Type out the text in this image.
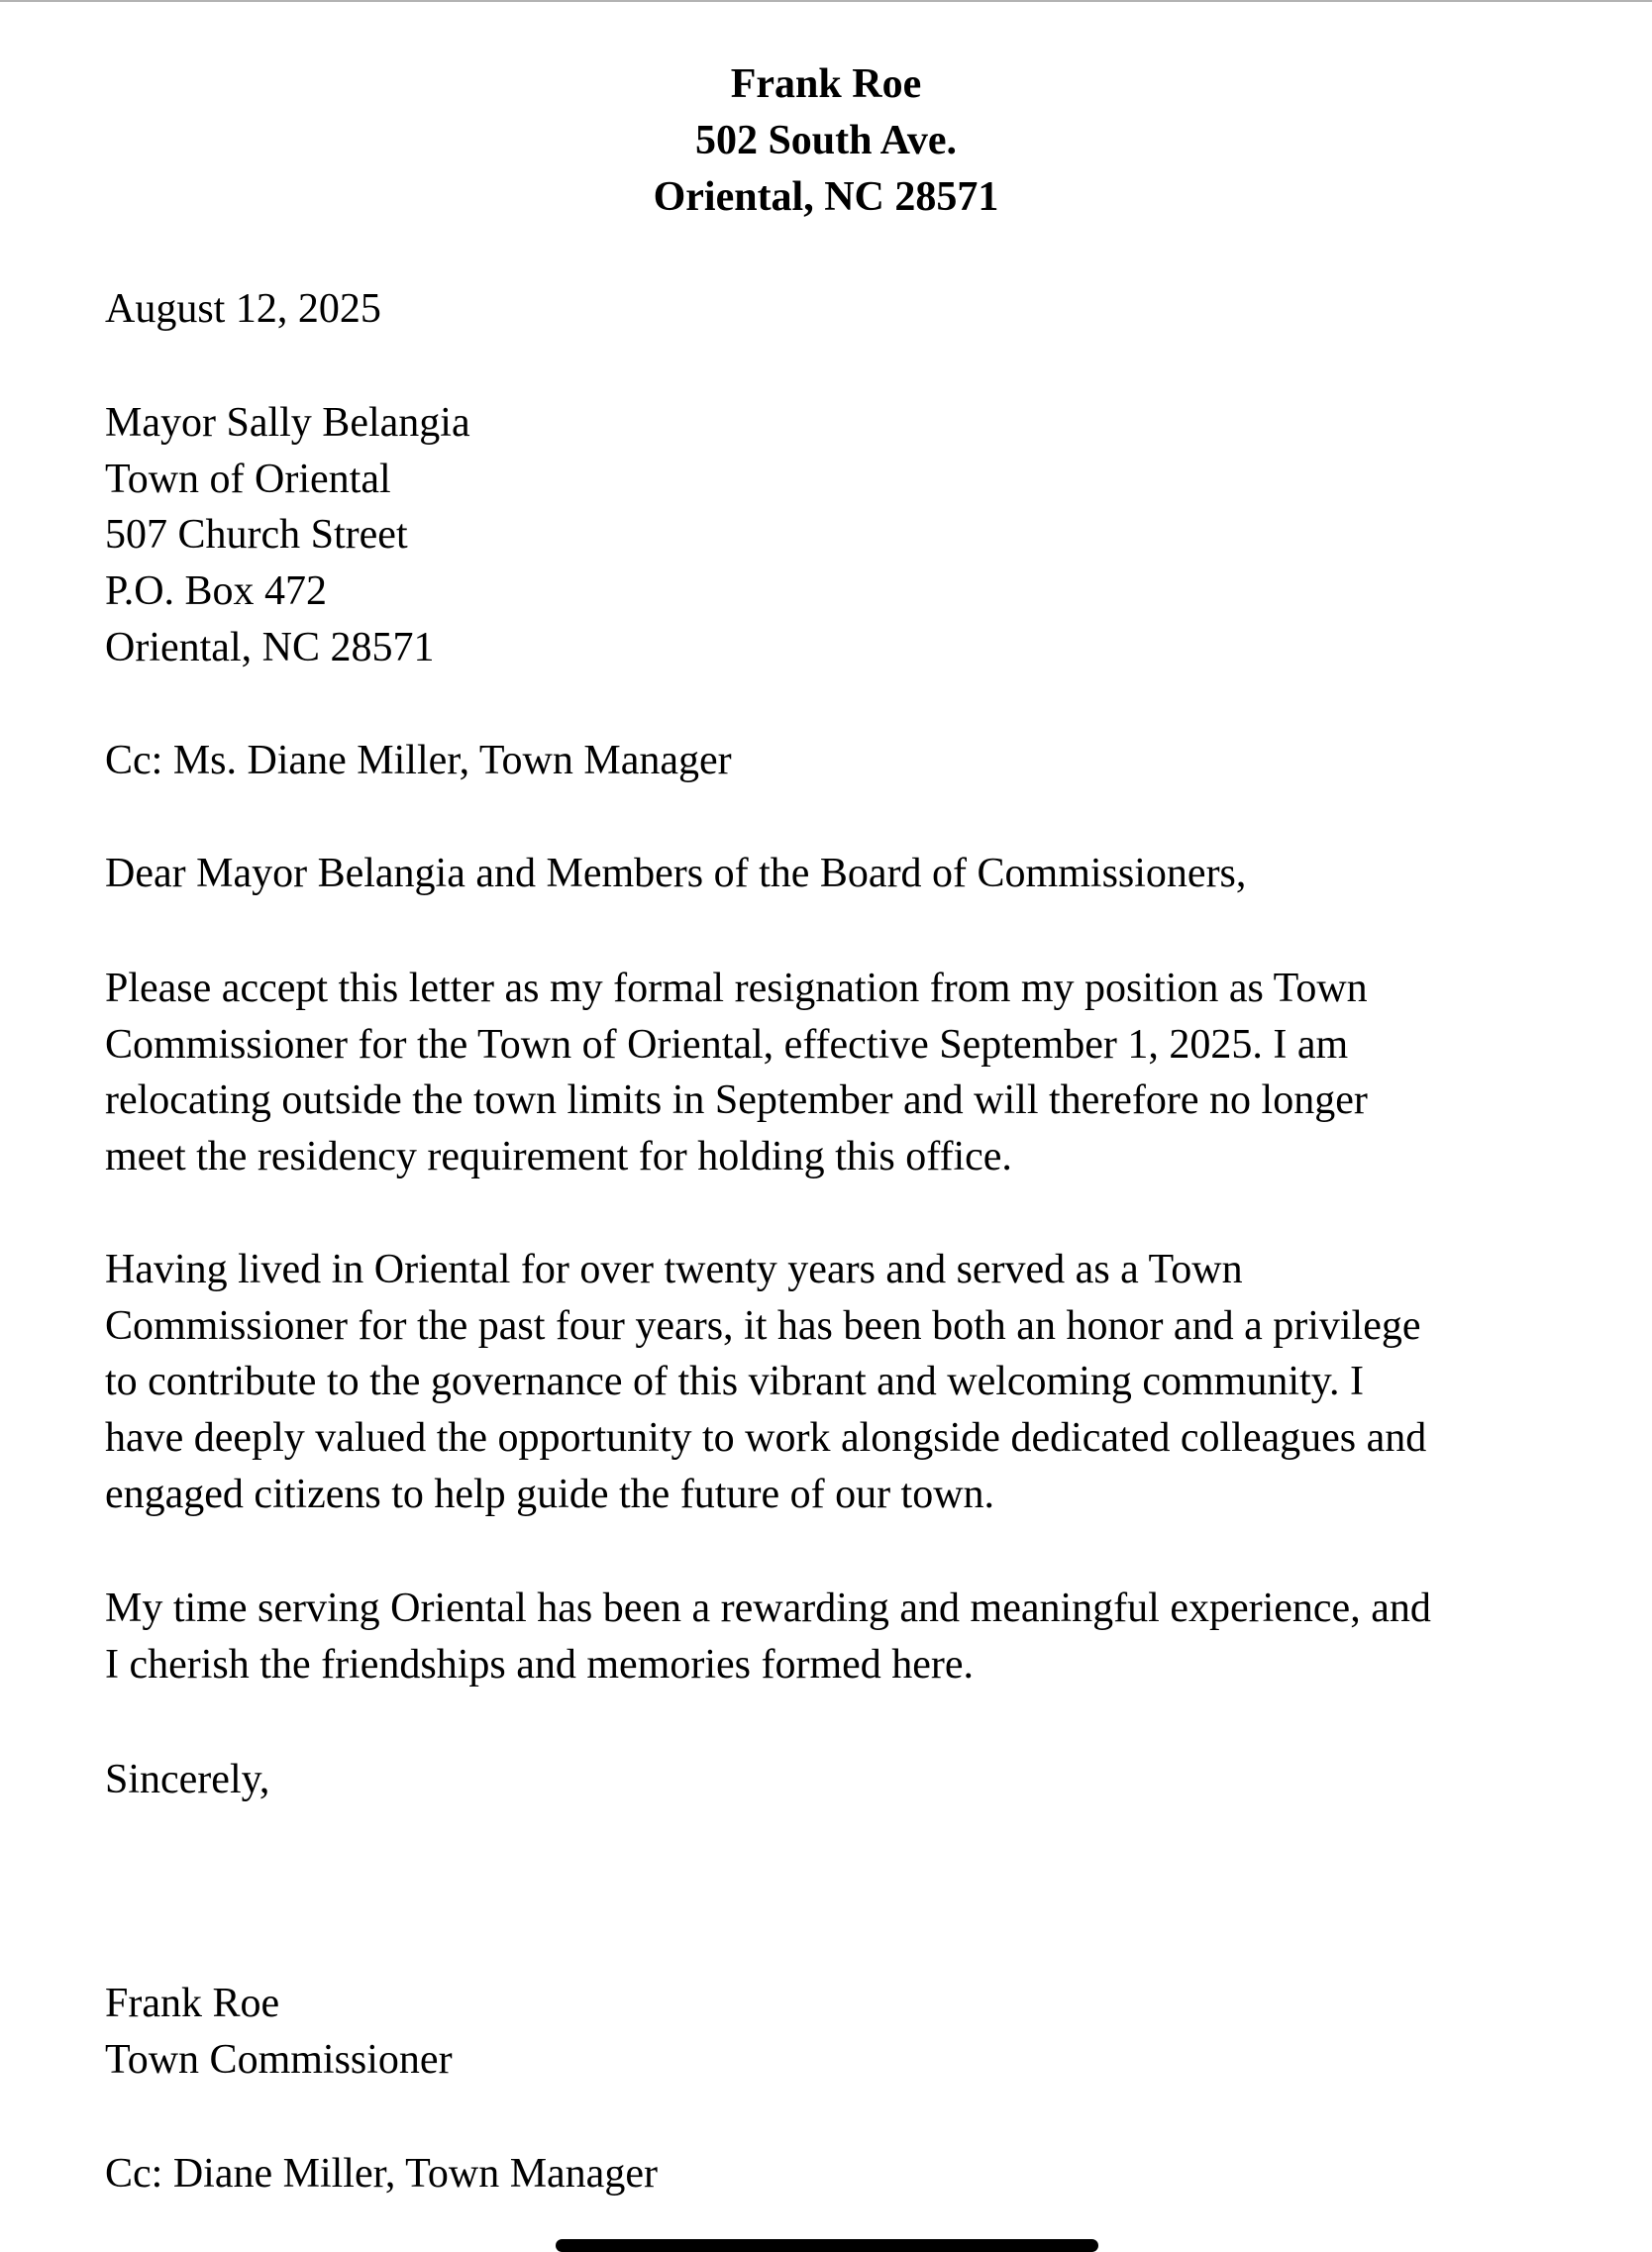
Frank Roe
502 South Ave.
Oriental, NC 28571
August 12, 2025
Mayor Sally Belangia
Town of Oriental
507 Church Street
P.O. Box 472
Oriental, NC 28571
Cc: Ms. Diane Miller, Town Manager
Dear Mayor Belangia and Members of the Board of Commissioners,
Please accept this letter as my formal resignation from my position as Town
Commissioner for the Town of Oriental, effective September 1, 2025. I am
relocating outside the town limits in September and will therefore no longer
meet the residency requirement for holding this office.
Having lived in Oriental for over twenty years and served as a Town
Commissioner for the past four years, it has been both an honor and a privilege
to contribute to the governance of this vibrant and welcoming community. I
have deeply valued the opportunity to work alongside dedicated colleagues and
engaged citizens to help guide the future of our town.
My time serving Oriental has been a rewarding and meaningful experience, and
I cherish the friendships and memories formed here.
Sincerely,
Frank Roe
Town Commissioner
Cc: Diane Miller, Town Manager
